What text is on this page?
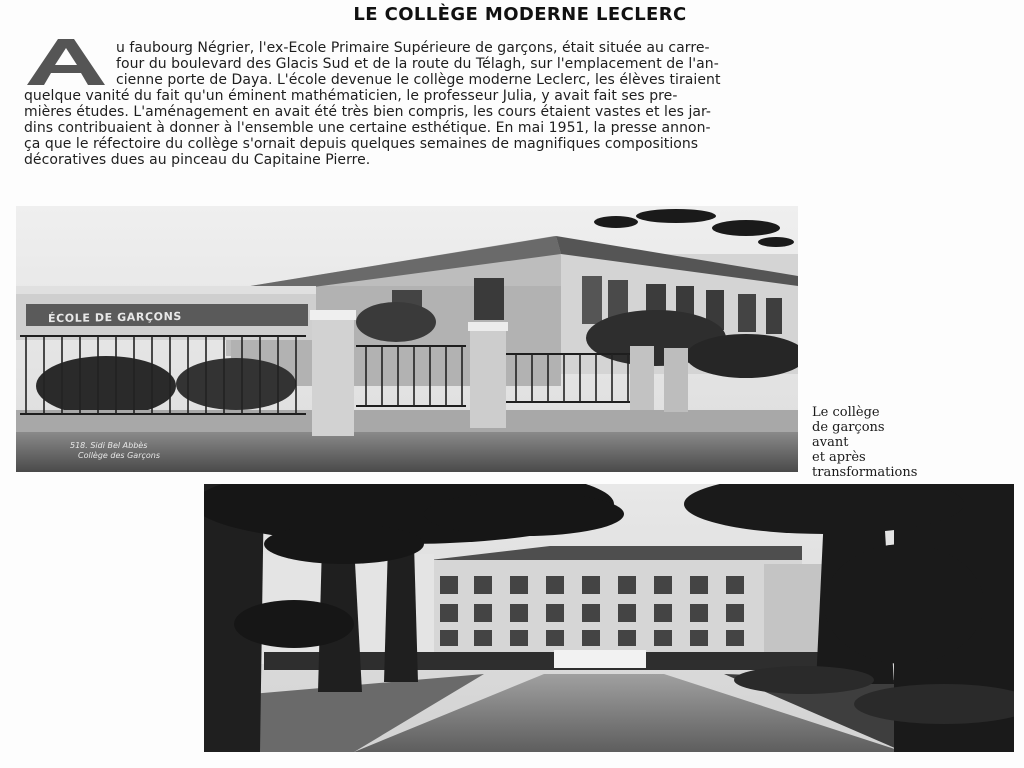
LE COLLÈGE MODERNE LECLERC
u faubourg Négrier, l'ex-Ecole Primaire Supérieure de garçons, était située au carre-
four du boulevard des Glacis Sud et de la route du Télagh, sur l'emplacement de l'an-
cienne porte de Daya. L'école devenue le collège moderne Leclerc, les élèves tiraient
quelque vanité du fait qu'un éminent mathématicien, le professeur Julia, y avait fait ses pre-
mières études. L'aménagement en avait été très bien compris, les cours étaient vastes et les jar-
dins contribuaient à donner à l'ensemble une certaine esthétique. En mai 1951, la presse annon-
ça que le réfectoire du collège s'ornait depuis quelques semaines de magnifiques compositions
décoratives dues au pinceau du Capitaine Pierre.
ÉCOLE DE GARÇONS
518. Sidi Bel Abbès
Collège des Garçons
Le collège
de garçons
avant
et après
transformations
